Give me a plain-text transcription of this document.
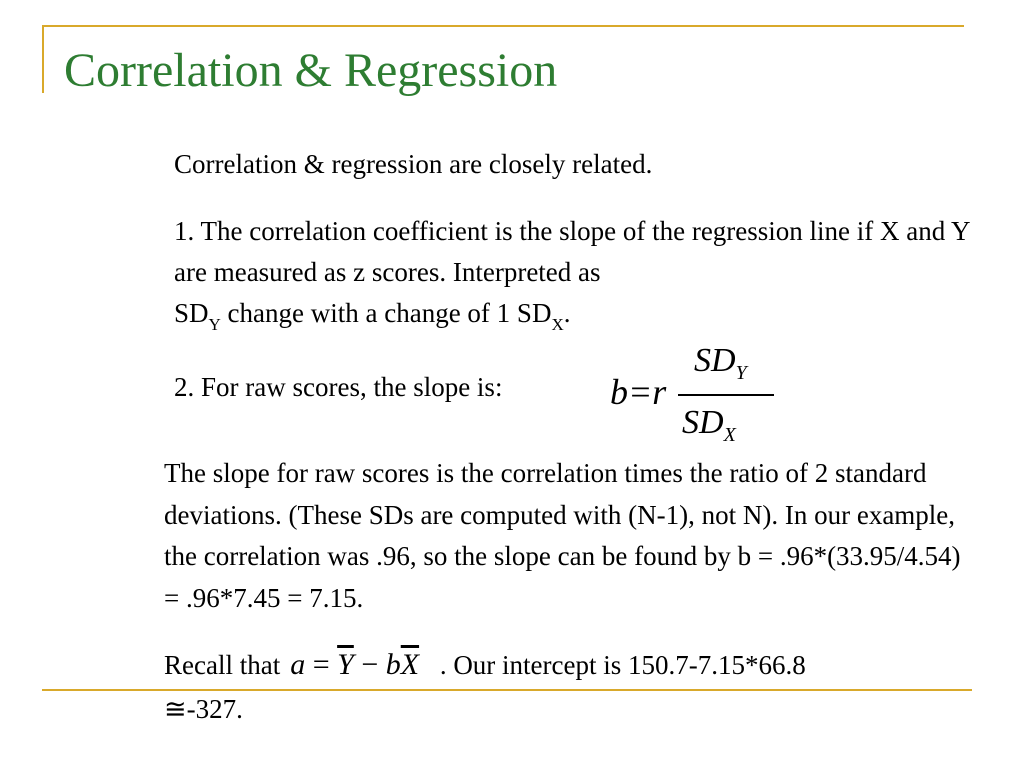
Correlation & Regression

Correlation & regression are closely related.

1. The correlation coefficient is the slope of the regression line if X and Y are measured as z scores. Interpreted as
$SD_Y$ change with a change of 1 $SD_X$.

2. For raw scores, the slope is:	b=r
$SD_Y$
$SD_X$

The slope for raw scores is the correlation times the ratio of 2 standard deviations. (These SDs are computed with (N-1), not N). In our example, the correlation was .96, so the slope can be found by b = .96*(33.95/4.54) = .96*7.45 = 7.15.

Recall that $a = \overline{Y} - b\overline{X}$ . Our intercept is 150.7-7.15*66.8 ≅-327.
